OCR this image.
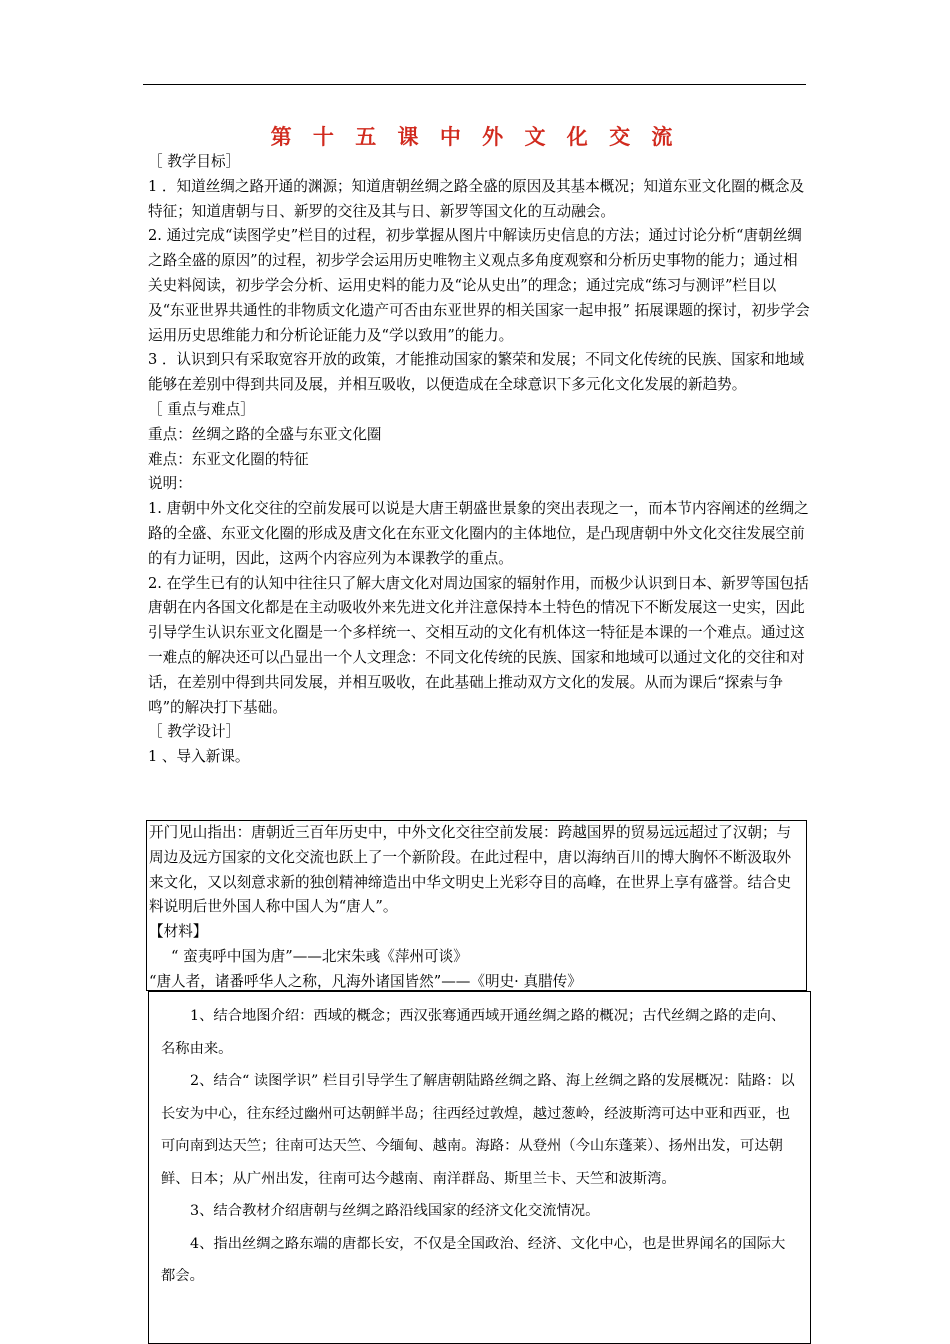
第 十 五 课 中 外 文 化 交 流

［ 教学目标］

1 ．知道丝绸之路开通的渊源；知道唐朝丝绸之路全盛的原因及其基本概况；知道东亚文化圈的概念及特征；知道唐朝与日、新罗的交往及其与日、新罗等国文化的互动融会。

2. 通过完成“读图学史”栏目的过程，初步掌握从图片中解读历史信息的方法；通过讨论分析“唐朝丝绸之路全盛的原因”的过程，初步学会运用历史唯物主义观点多角度观察和分析历史事物的能力；通过相关史料阅读，初步学会分析、运用史料的能力及“论从史出”的理念；通过完成“练习与测评”栏目以及“东亚世界共通性的非物质文化遗产可否由东亚世界的相关国家一起申报” 拓展课题的探讨，初步学会运用历史思维能力和分析论证能力及“学以致用”的能力。

3 ．认识到只有采取宽容开放的政策，才能推动国家的繁荣和发展；不同文化传统的民族、国家和地域能够在差别中得到共同及展，并相互吸收，以便造成在全球意识下多元化文化发展的新趋势。

［ 重点与难点］

重点：丝绸之路的全盛与东亚文化圈

难点：东亚文化圈的特征

说明：

1. 唐朝中外文化交往的空前发展可以说是大唐王朝盛世景象的突出表现之一，而本节内容阐述的丝绸之路的全盛、东亚文化圈的形成及唐文化在东亚文化圈内的主体地位，是凸现唐朝中外文化交往发展空前的有力证明，因此，这两个内容应列为本课教学的重点。

2. 在学生已有的认知中往往只了解大唐文化对周边国家的辐射作用，而极少认识到日本、新罗等国包括唐朝在内各国文化都是在主动吸收外来先进文化并注意保持本土特色的情况下不断发展这一史实，因此引导学生认识东亚文化圈是一个多样统一、交相互动的文化有机体这一特征是本课的一个难点。通过这一难点的解决还可以凸显出一个人文理念：不同文化传统的民族、国家和地域可以通过文化的交往和对话，在差别中得到共同发展，并相互吸收，在此基础上推动双方文化的发展。从而为课后“探索与争鸣”的解决打下基础。

［ 教学设计］

1 、导入新课。

开门见山指出：唐朝近三百年历史中，中外文化交往空前发展：跨越国界的贸易远远超过了汉朝；与周边及远方国家的文化交流也跃上了一个新阶段。在此过程中，唐以海纳百川的博大胸怀不断汲取外来文化，又以刻意求新的独创精神缔造出中华文明史上光彩夺目的高峰，在世界上享有盛誉。结合史料说明后世外国人称中国人为“唐人”。

【材料】

“ 蛮夷呼中国为唐”——北宋朱彧《萍州可谈》

“唐人者，诸番呼华人之称，凡海外诸国皆然”——《明史· 真腊传》

1、结合地图介绍：西域的概念；西汉张骞通西域开通丝绸之路的概况；古代丝绸之路的走向、名称由来。

2、结合“ 读图学识” 栏目引导学生了解唐朝陆路丝绸之路、海上丝绸之路的发展概况：陆路：以长安为中心，往东经过幽州可达朝鲜半岛；往西经过敦煌，越过葱岭，经波斯湾可达中亚和西亚，也可向南到达天竺；往南可达天竺、今缅甸、越南。海路：从登州（今山东蓬莱）、扬州出发，可达朝鲜、日本；从广州出发，往南可达今越南、南洋群岛、斯里兰卡、天竺和波斯湾。

3、结合教材介绍唐朝与丝绸之路沿线国家的经济文化交流情况。

4、指出丝绸之路东端的唐都长安，不仅是全国政治、经济、文化中心，也是世界闻名的国际大都会。
